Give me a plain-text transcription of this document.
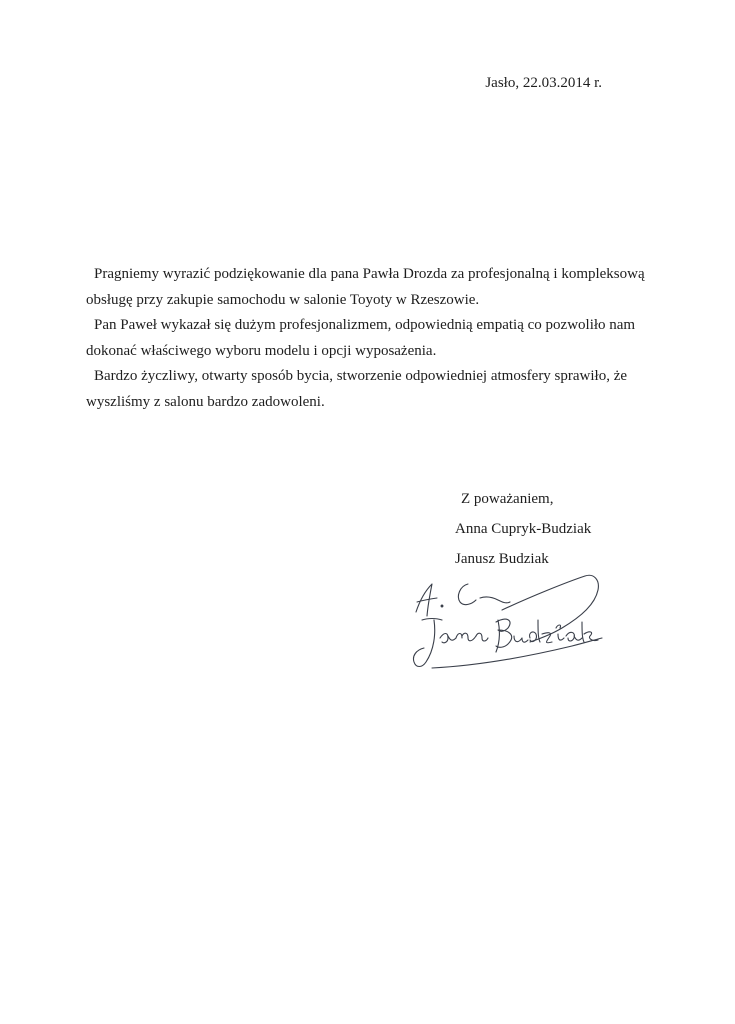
Jasło, 22.03.2014 r.

Pragniemy wyrazić podziękowanie dla pana Pawła Drozda za profesjonalną i kompleksową obsługę przy zakupie samochodu w salonie Toyoty w Rzeszowie.

Pan Paweł wykazał się dużym profesjonalizmem, odpowiednią empatią co pozwoliło nam dokonać właściwego wyboru modelu i opcji wyposażenia.

Bardzo życzliwy, otwarty sposób bycia, stworzenie odpowiedniej atmosfery sprawiło, że wyszliśmy z salonu bardzo zadowoleni.

Z poważaniem,
Anna Cupryk-Budziak
Janusz Budziak
